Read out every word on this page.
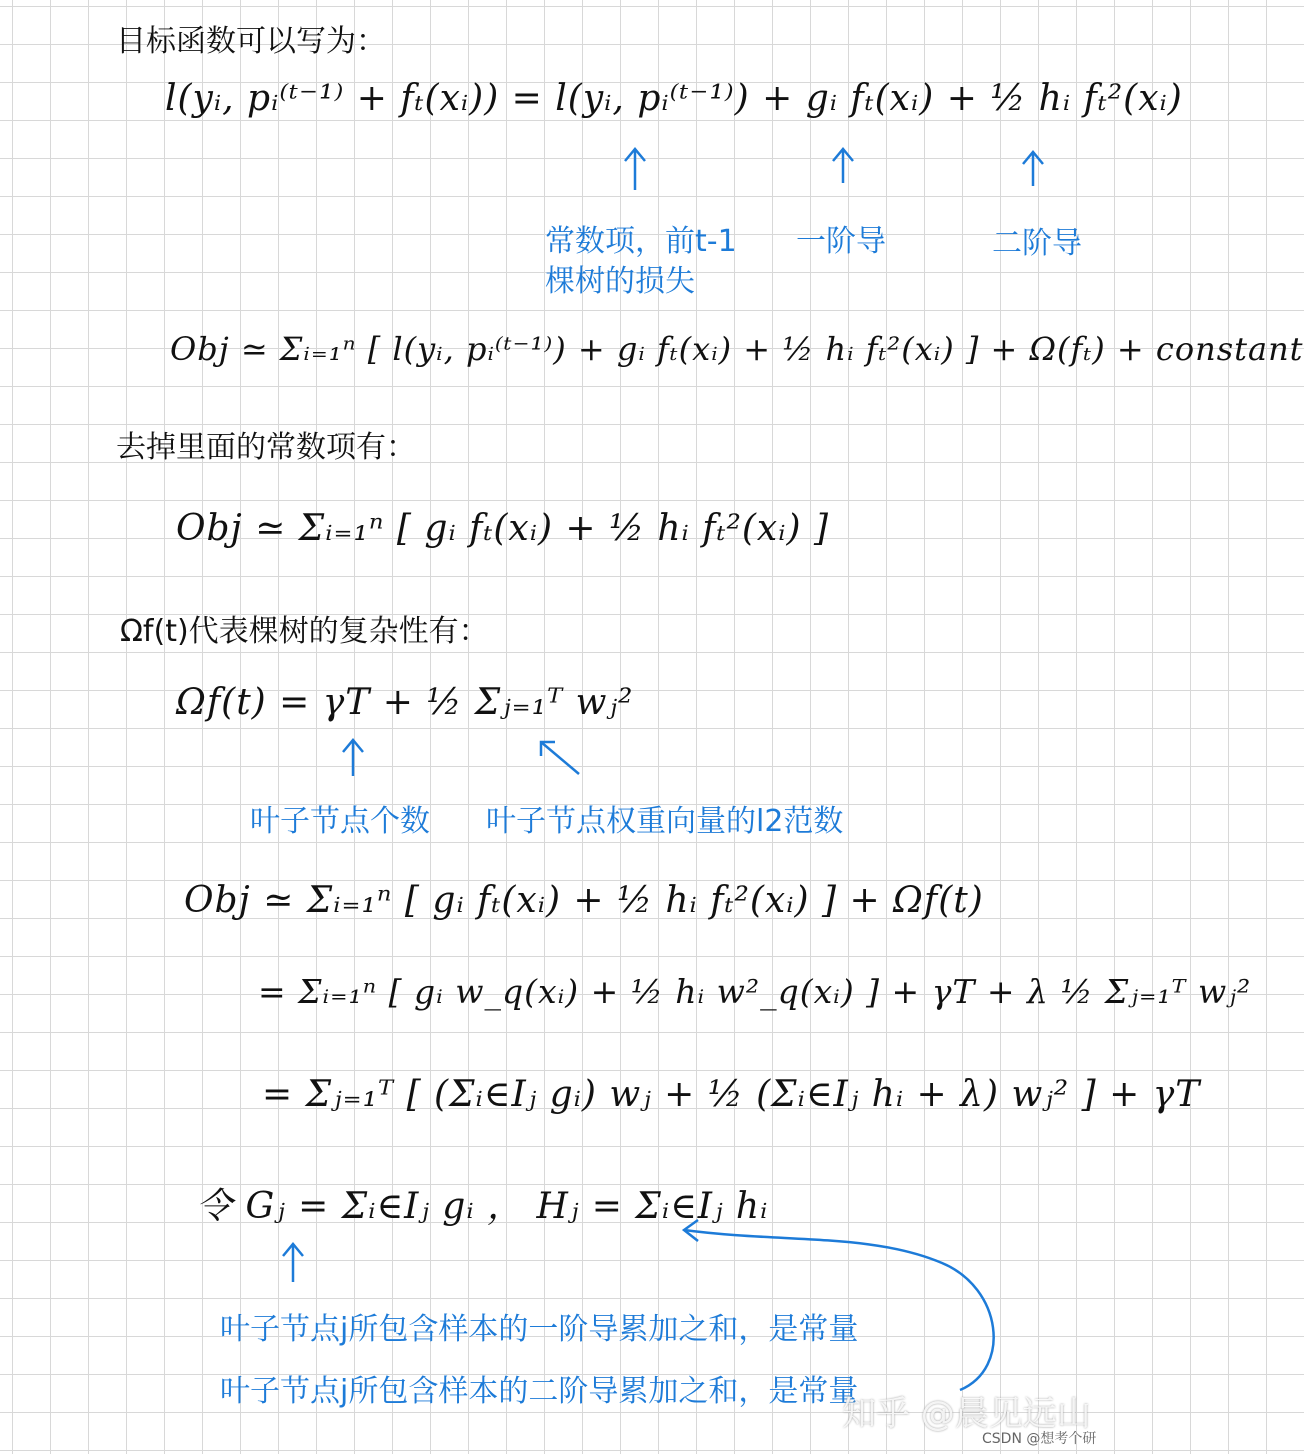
目标函数可以写为：
l(yᵢ, pᵢ⁽ᵗ⁻¹⁾ + fₜ(xᵢ)) = l(yᵢ, pᵢ⁽ᵗ⁻¹⁾) + gᵢ fₜ(xᵢ) + ½ hᵢ fₜ²(xᵢ)
常数项，前t-1
棵树的损失
一阶导	二阶导
Obj ≃ Σᵢ₌₁ⁿ [ l(yᵢ, pᵢ⁽ᵗ⁻¹⁾) + gᵢ fₜ(xᵢ) + ½ hᵢ fₜ²(xᵢ) ] + Ω(fₜ) + constant
去掉里面的常数项有：
Obj ≃ Σᵢ₌₁ⁿ [ gᵢ fₜ(xᵢ) + ½ hᵢ fₜ²(xᵢ) ]
Ωf(t)代表棵树的复杂性有：
Ωf(t) = γT + ½ Σⱼ₌₁ᵀ wⱼ²
叶子节点个数 叶子节点权重向量的l2范数
Obj ≃ Σᵢ₌₁ⁿ [ gᵢ fₜ(xᵢ) + ½ hᵢ fₜ²(xᵢ) ] + Ωf(t)
= Σᵢ₌₁ⁿ [ gᵢ w_q(xᵢ) + ½ hᵢ w²_q(xᵢ) ] + γT + λ ½ Σⱼ₌₁ᵀ wⱼ²
= Σⱼ₌₁ᵀ [ (Σᵢ∈Iⱼ gᵢ) wⱼ + ½ (Σᵢ∈Iⱼ hᵢ + λ) wⱼ² ] + γT
令 Gⱼ = Σᵢ∈Iⱼ gᵢ ， Hⱼ = Σᵢ∈Iⱼ hᵢ
叶子节点j所包含样本的一阶导累加之和，是常量
叶子节点j所包含样本的二阶导累加之和，是常量
知乎 @晨见远山
CSDN @想考个研
